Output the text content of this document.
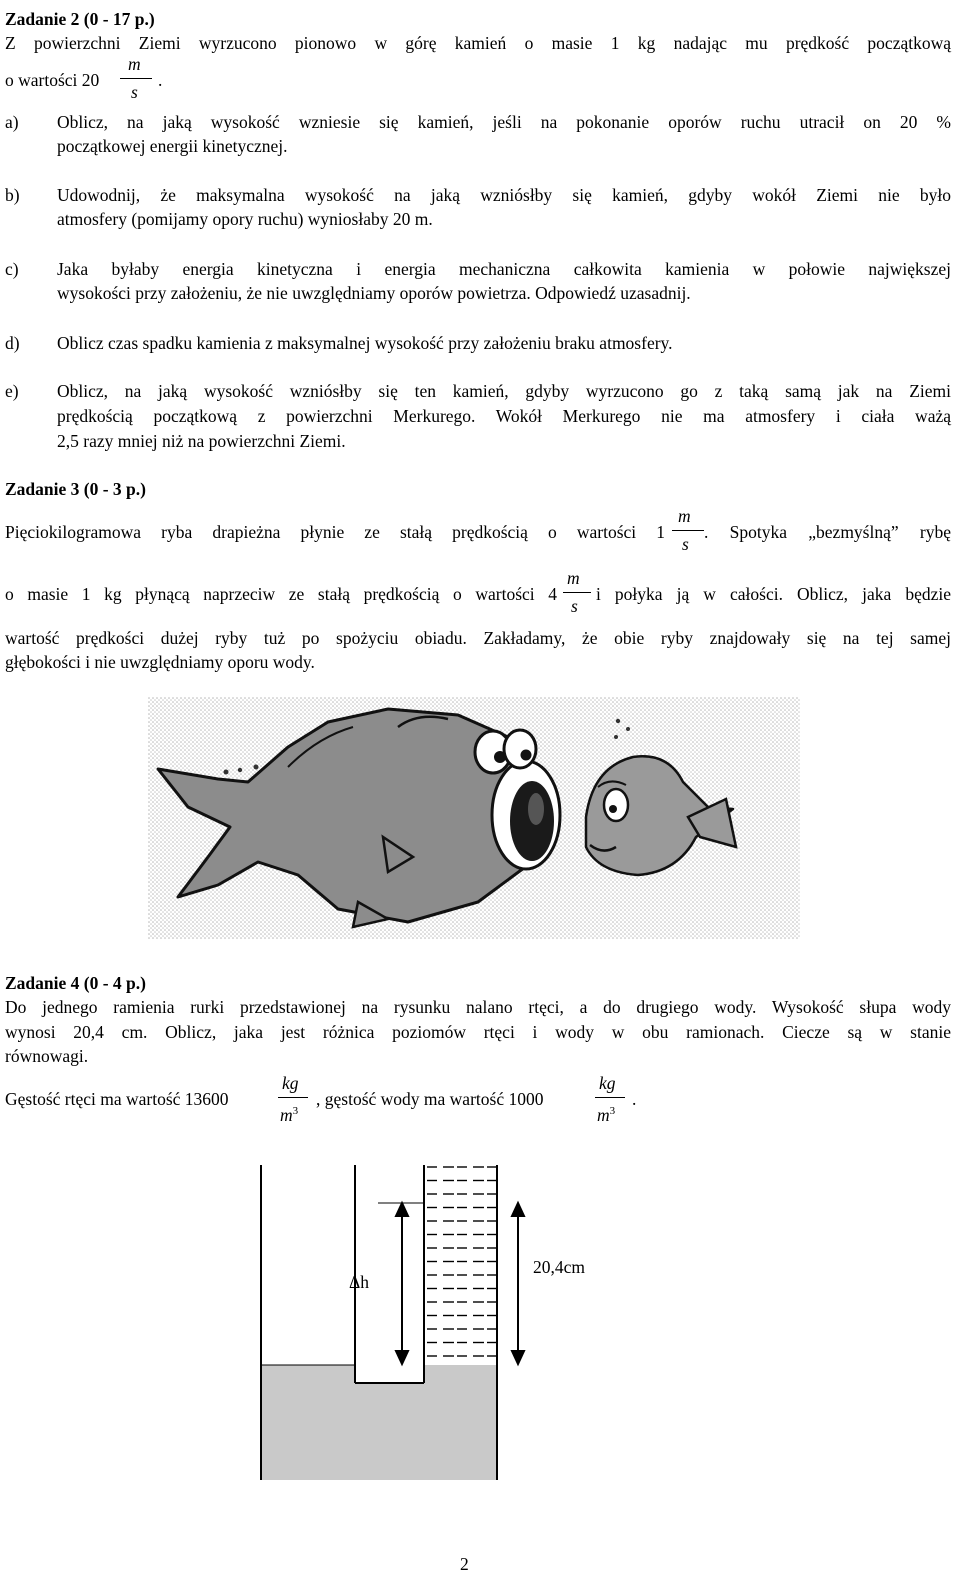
Zadanie 2 (0 - 17 p.)
Z powierzchni Ziemi wyrzucono pionowo w górę kamień o masie 1 kg nadając mu prędkość początkową
o wartości 20
m
s
.
a) Oblicz, na jaką wysokość wzniesie się kamień, jeśli na pokonanie oporów ruchu utracił on 20 %
początkowej energii kinetycznej.
b) Udowodnij, że maksymalna wysokość na jaką wzniósłby się kamień, gdyby wokół Ziemi nie było
atmosfery (pomijamy opory ruchu) wyniosłaby 20 m.
c) Jaka byłaby energia kinetyczna i energia mechaniczna całkowita kamienia w połowie największej
wysokości przy założeniu, że nie uwzględniamy oporów powietrza. Odpowiedź uzasadnij.
d) Oblicz czas spadku kamienia z maksymalnej wysokość przy założeniu braku atmosfery.
e) Oblicz, na jaką wysokość wzniósłby się ten kamień, gdyby wyrzucono go z taką samą jak na Ziemi
prędkością początkową z powierzchni Merkurego. Wokół Merkurego nie ma atmosfery i ciała ważą
2,5 razy mniej niż na powierzchni Ziemi.
Zadanie 3 (0 - 3 p.)
Pięciokilogramowa ryba drapieżna płynie ze stałą prędkością o wartości 1
m
s
. Spotyka „bezmyślną” rybę
o masie 1 kg płynącą naprzeciw ze stałą prędkością o wartości 4
m
s
i połyka ją w całości. Oblicz, jaka będzie
wartość prędkości dużej ryby tuż po spożyciu obiadu. Zakładamy, że obie ryby znajdowały się na tej samej
głębokości i nie uwzględniamy oporu wody.
Zadanie 4 (0 - 4 p.)
Do jednego ramienia rurki przedstawionej na rysunku nalano rtęci, a do drugiego wody. Wysokość słupa wody
wynosi 20,4 cm. Oblicz, jaka jest różnica poziomów rtęci i wody w obu ramionach. Ciecze są w stanie
równowagi.
Gęstość rtęci ma wartość 13600
kg
$m^3$
, gęstość wody ma wartość 1000
kg
$m^3$
.
Δh
20,4cm
2
